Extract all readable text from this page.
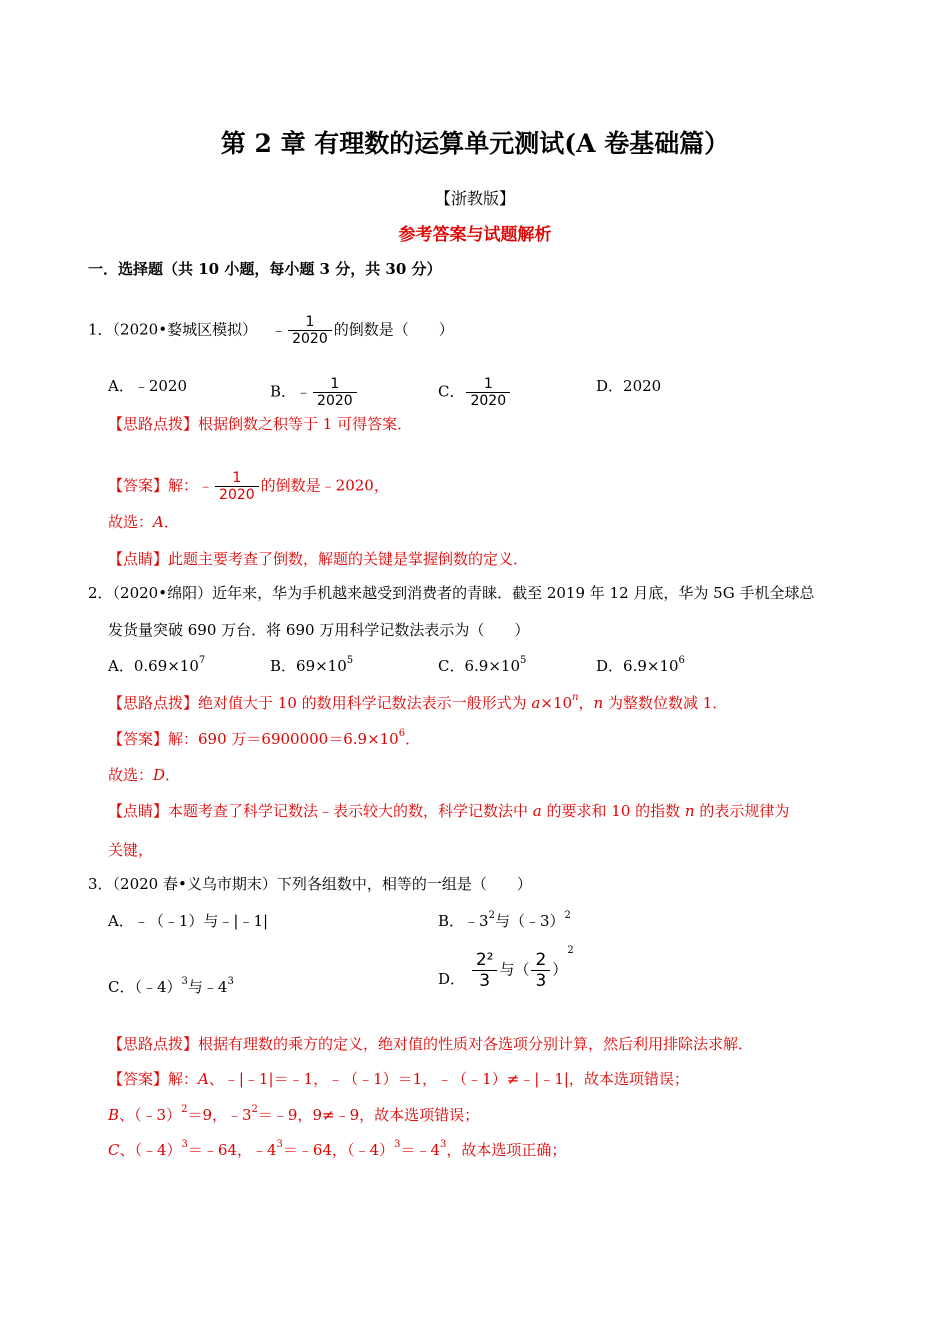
第 2 章 有理数的运算单元测试(A 卷基础篇）
【浙教版】
参考答案与试题解析
一．选择题（共 10 小题，每小题 3 分，共 30 分）
1．（2020•婺城区模拟） ﹣ $\frac{1}{2020}$ 的倒数是（　　）
A．﹣2020	B．﹣ $\frac{1}{2020}$	C． $\frac{1}{2020}$	D．2020
【思路点拨】根据倒数之积等于 1 可得答案．
【答案】解：﹣ $\frac{1}{2020}$ 的倒数是﹣2020，
故选：A．
【点睛】此题主要考查了倒数，解题的关键是掌握倒数的定义．
2．（2020•绵阳）近年来，华为手机越来越受到消费者的青睐．截至 2019 年 12 月底，华为 5G 手机全球总
发货量突破 690 万台．将 690 万用科学记数法表示为（　　）
A．$0.69\times 10^7$	B．$69\times 10^5$	C．$6.9\times 10^5$	D．$6.9\times 10^6$
【思路点拨】绝对值大于 10 的数用科学记数法表示一般形式为 $a\times 10^n$，n 为整数位数减 1．
【答案】解：690 万$=6900000=6.9\times 10^6$．
故选：D．
【点睛】本题考查了科学记数法﹣表示较大的数，科学记数法中 a 的要求和 10 的指数 n 的表示规律为
关键，
3．（2020 春•义乌市期末）下列各组数中，相等的一组是（　　）
A．﹣（﹣1）与﹣|﹣1|	B．$﹣3^2$与（﹣3）$^2$
C．（﹣4）$^3$与$﹣4^3$	D． $\frac{\text{2²}}{3}$ 与（ $\frac{2}{3} )^2$
【思路点拨】根据有理数的乘方的定义，绝对值的性质对各选项分别计算，然后利用排除法求解．
【答案】解：A、﹣|﹣1|＝﹣1，﹣（﹣1）＝1，﹣（﹣1）≠﹣|﹣1|，故本选项错误；
B、（﹣3）$^2$＝9，$﹣3^2=﹣9$，9≠﹣9，故本选项错误；
C、（﹣4）$^3$＝﹣64，$﹣4^3=﹣64$，$(﹣4)^3=﹣4^3$，故本选项正确；
